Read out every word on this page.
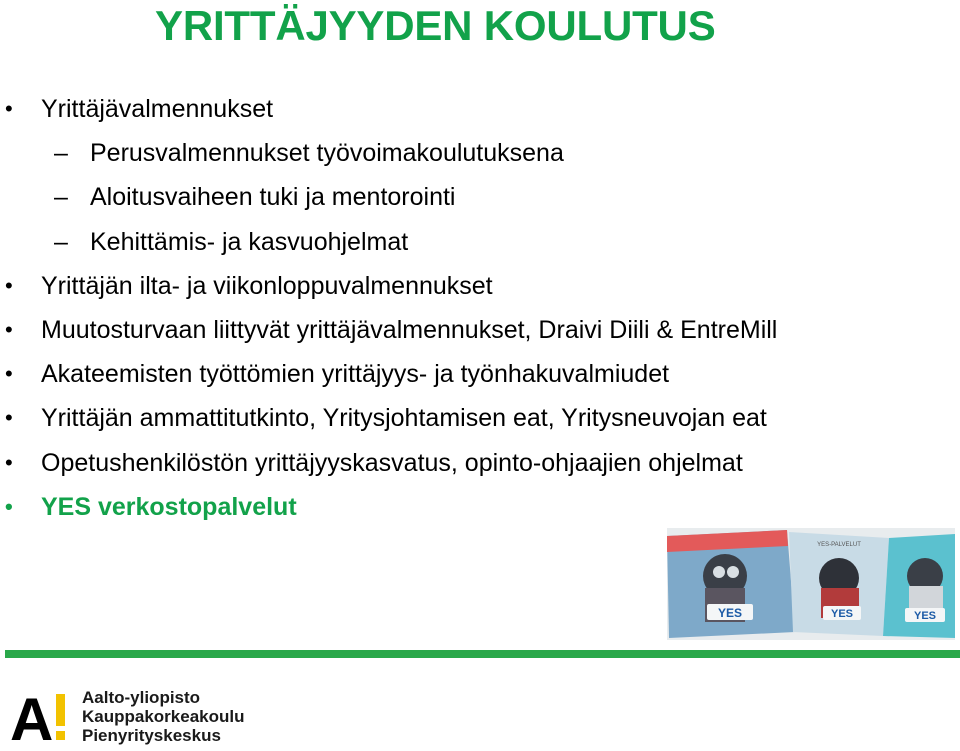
YRITTÄJYYDEN KOULUTUS
• Yrittäjävalmennukset
– Perusvalmennukset työvoimakoulutuksena
– Aloitusvaiheen tuki ja mentorointi
– Kehittämis- ja kasvuohjelmat
• Yrittäjän ilta- ja viikonloppuvalmennukset
• Muutosturvaan liittyvät yrittäjävalmennukset, Draivi Diili & EntreMill
• Akateemisten työttömien yrittäjyys- ja työnhakuvalmiudet
• Yrittäjän ammattitutkinto, Yritysjohtamisen eat, Yritysneuvojan eat
• Opetushenkilöstön yrittäjyyskasvatus, opinto-ohjaajien ohjelmat
• YES verkostopalvelut
YES
YES-PALVELUT
YES	YES
A Aalto-yliopisto
Kauppakorkeakoulu
Pienyrityskeskus
